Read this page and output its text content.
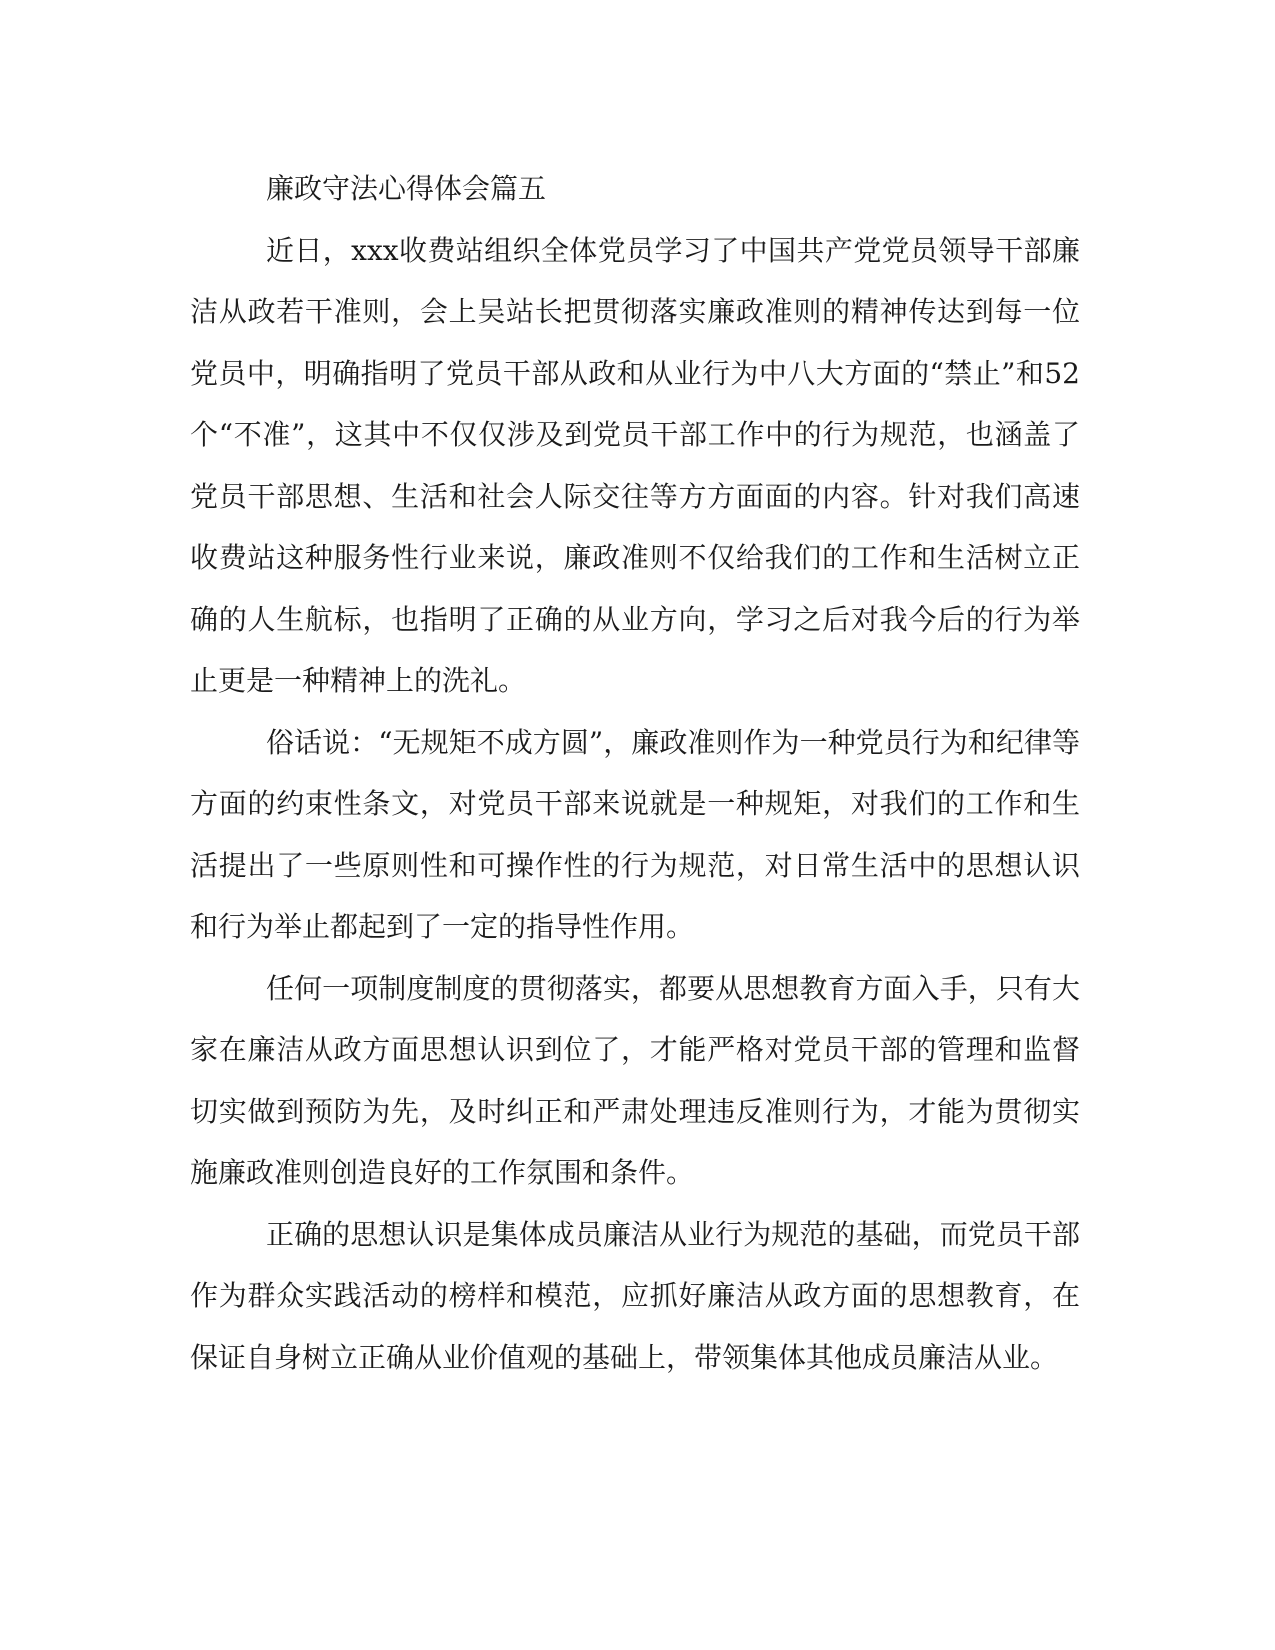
廉政守法心得体会篇五

近日，xxx收费站组织全体党员学习了中国共产党党员领导干部廉洁从政若干准则，会上吴站长把贯彻落实廉政准则的精神传达到每一位党员中，明确指明了党员干部从政和从业行为中八大方面的“禁止”和52个“不准”，这其中不仅仅涉及到党员干部工作中的行为规范，也涵盖了党员干部思想、生活和社会人际交往等方方面面的内容。针对我们高速收费站这种服务性行业来说，廉政准则不仅给我们的工作和生活树立正确的人生航标，也指明了正确的从业方向，学习之后对我今后的行为举止更是一种精神上的洗礼。

俗话说：“无规矩不成方圆”，廉政准则作为一种党员行为和纪律等方面的约束性条文，对党员干部来说就是一种规矩，对我们的工作和生活提出了一些原则性和可操作性的行为规范，对日常生活中的思想认识和行为举止都起到了一定的指导性作用。

任何一项制度制度的贯彻落实，都要从思想教育方面入手，只有大家在廉洁从政方面思想认识到位了，才能严格对党员干部的管理和监督切实做到预防为先，及时纠正和严肃处理违反准则行为，才能为贯彻实施廉政准则创造良好的工作氛围和条件。

正确的思想认识是集体成员廉洁从业行为规范的基础，而党员干部作为群众实践活动的榜样和模范，应抓好廉洁从政方面的思想教育，在保证自身树立正确从业价值观的基础上，带领集体其他成员廉洁从业。
